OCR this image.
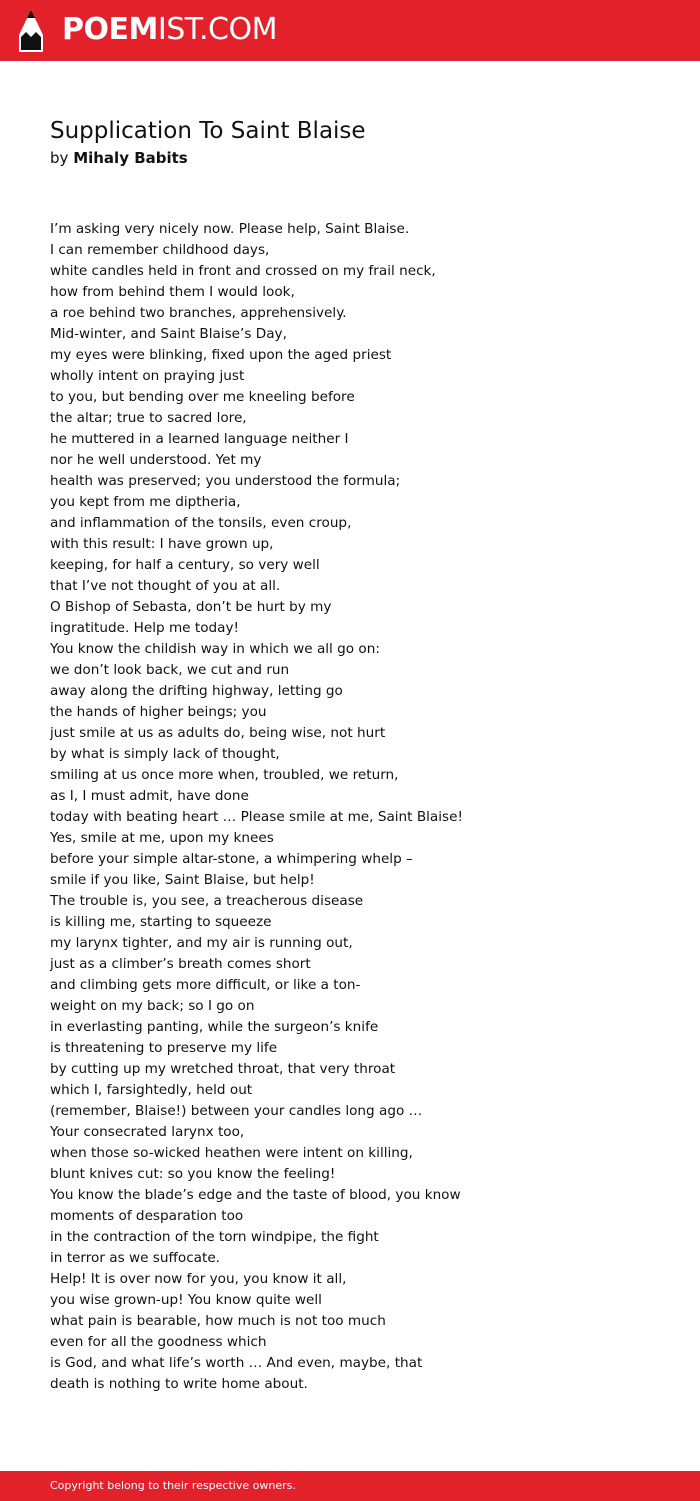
POEMIST.COM
Supplication To Saint Blaise
by Mihaly Babits
I’m asking very nicely now. Please help, Saint Blaise.
I can remember childhood days,
white candles held in front and crossed on my frail neck,
how from behind them I would look,
a roe behind two branches, apprehensively.
Mid-winter, and Saint Blaise’s Day,
my eyes were blinking, fixed upon the aged priest
wholly intent on praying just
to you, but bending over me kneeling before
the altar; true to sacred lore,
he muttered in a learned language neither I
nor he well understood. Yet my
health was preserved; you understood the formula;
you kept from me diptheria,
and inflammation of the tonsils, even croup,
with this result: I have grown up,
keeping, for half a century, so very well
that I’ve not thought of you at all.
O Bishop of Sebasta, don’t be hurt by my
ingratitude. Help me today!
You know the childish way in which we all go on:
we don’t look back, we cut and run
away along the drifting highway, letting go
the hands of higher beings; you
just smile at us as adults do, being wise, not hurt
by what is simply lack of thought,
smiling at us once more when, troubled, we return,
as I, I must admit, have done
today with beating heart … Please smile at me, Saint Blaise!
Yes, smile at me, upon my knees
before your simple altar-stone, a whimpering whelp –
smile if you like, Saint Blaise, but help!
The trouble is, you see, a treacherous disease
is killing me, starting to squeeze
my larynx tighter, and my air is running out,
just as a climber’s breath comes short
and climbing gets more difficult, or like a ton-
weight on my back; so I go on
in everlasting panting, while the surgeon’s knife
is threatening to preserve my life
by cutting up my wretched throat, that very throat
which I, farsightedly, held out
(remember, Blaise!) between your candles long ago …
Your consecrated larynx too,
when those so-wicked heathen were intent on killing,
blunt knives cut: so you know the feeling!
You know the blade’s edge and the taste of blood, you know
moments of desparation too
in the contraction of the torn windpipe, the fight
in terror as we suffocate.
Help! It is over now for you, you know it all,
you wise grown-up! You know quite well
what pain is bearable, how much is not too much
even for all the goodness which
is God, and what life’s worth … And even, maybe, that
death is nothing to write home about.
Copyright belong to their respective owners.
